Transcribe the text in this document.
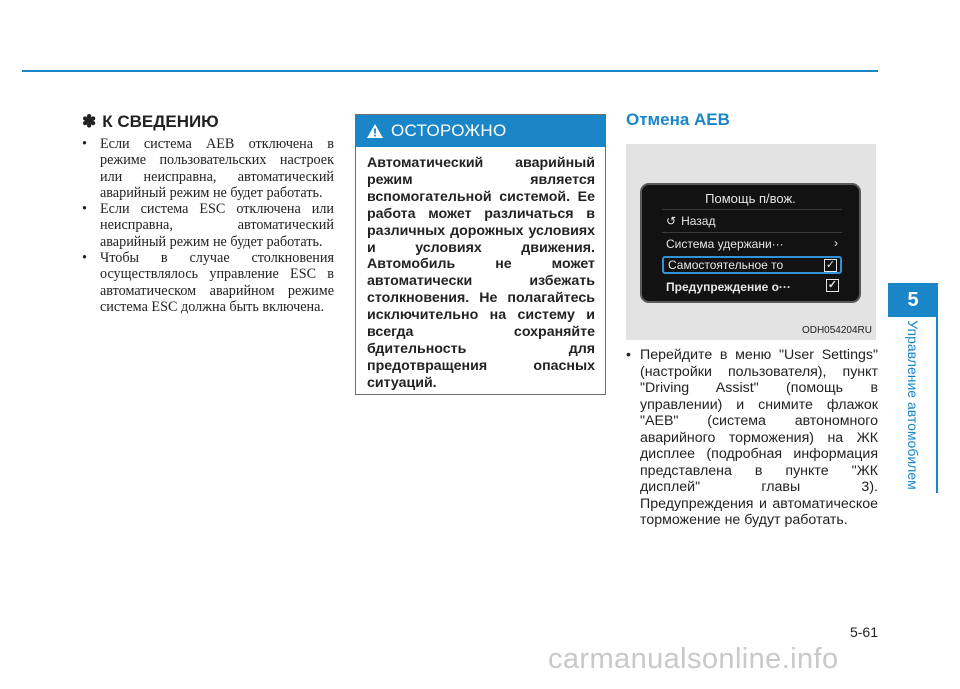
✽ К СВЕДЕНИЮ
• Если система AEB отключена в режиме пользовательских настроек или неисправна, автоматический аварийный режим не будет работать.
• Если система ESC отключена или неисправна, автоматический аварийный режим не будет работать.
• Чтобы в случае столкновения осуществлялось управление ESC в автоматическом аварийном режиме система ESC должна быть включена.
ОСТОРОЖНО
Автоматический аварийный режим является вспомогательной системой. Ее работа может различаться в различных дорожных условиях и условиях движения. Автомобиль не может автоматически избежать столкновения. Не полагайтесь исключительно на систему и всегда сохраняйте бдительность для предотвращения опасных ситуаций.
Отмена AEB
Помощь п/вож.
↺ Назад
Система удержани···	›
Самостоятельное то	✓
Предупреждение о···	✓
ODH054204RU
• Перейдите в меню "User Settings" (настройки пользователя), пункт "Driving Assist" (помощь в управлении) и снимите флажок "AEB" (система автономного аварийного торможения) на ЖК дисплее (подробная информация представлена в пункте "ЖК дисплей" главы 3). Предупреждения и автоматическое торможение не будут работать.
5
Управление автомобилем
5-61
carmanualsonline.info
